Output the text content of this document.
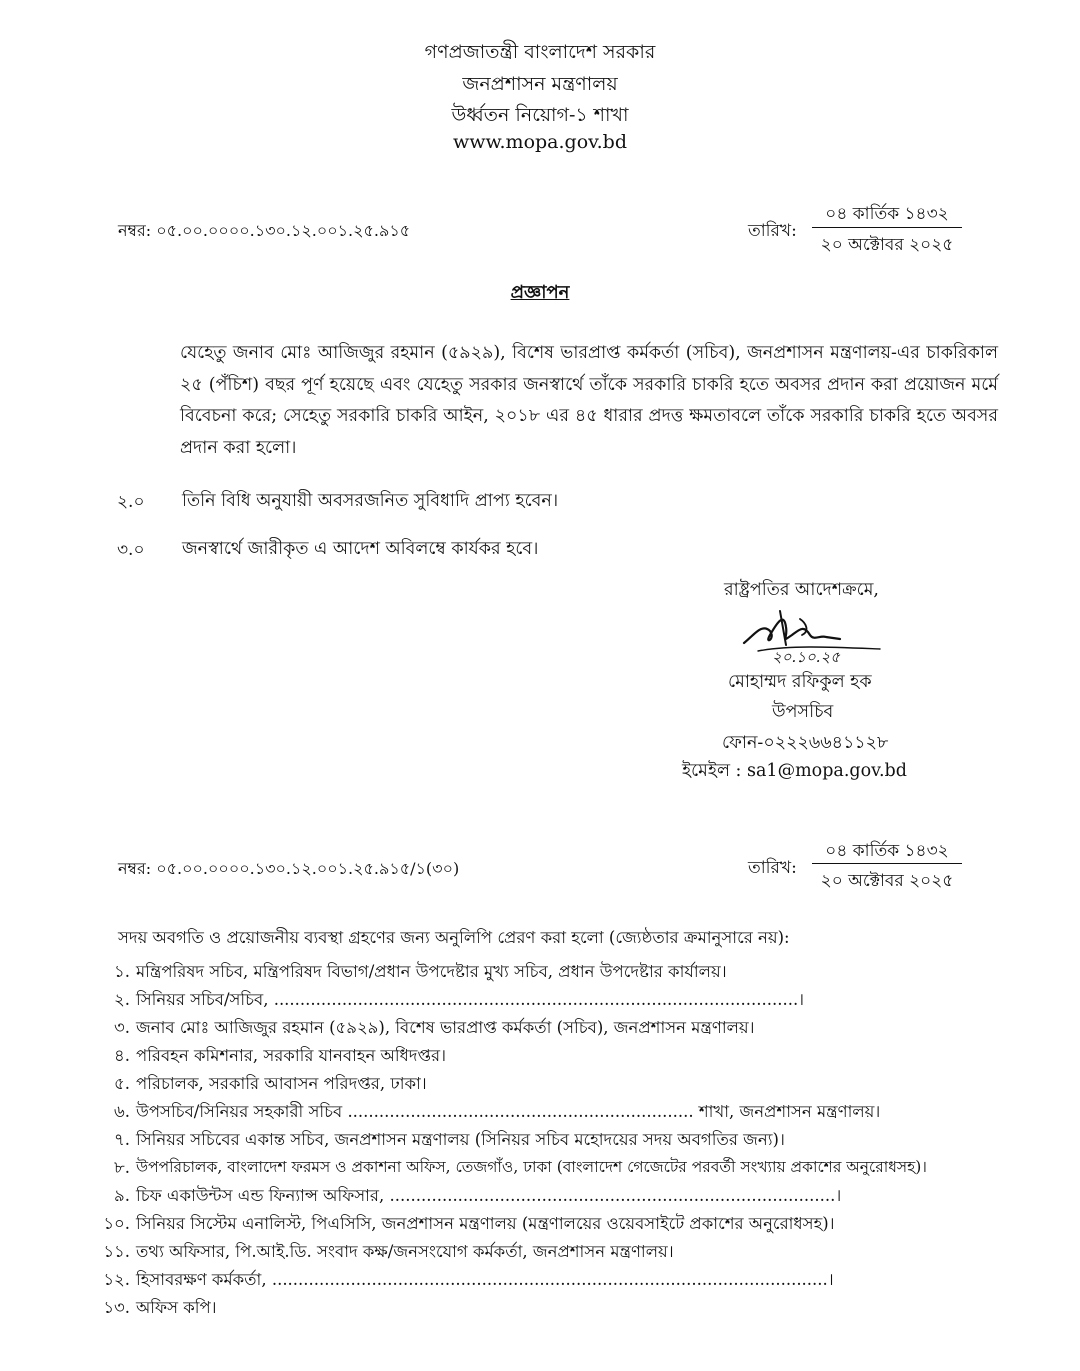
গণপ্রজাতন্ত্রী বাংলাদেশ সরকার
জনপ্রশাসন মন্ত্রণালয়
উর্ধ্বতন নিয়োগ-১ শাখা
www.mopa.gov.bd
নম্বর: ০৫.০০.০০০০.১৩০.১২.০০১.২৫.৯১৫	তারিখ:
০৪ কার্তিক ১৪৩২
২০ অক্টোবর ২০২৫
প্রজ্ঞাপন
যেহেতু জনাব মোঃ আজিজুর রহমান (৫৯২৯), বিশেষ ভারপ্রাপ্ত কর্মকর্তা (সচিব), জনপ্রশাসন মন্ত্রণালয়-এর চাকরিকাল ২৫ (পঁচিশ) বছর পূর্ণ হয়েছে এবং যেহেতু সরকার জনস্বার্থে তাঁকে সরকারি চাকরি হতে অবসর প্রদান করা প্রয়োজন মর্মে বিবেচনা করে; সেহেতু সরকারি চাকরি আইন, ২০১৮ এর ৪৫ ধারার প্রদত্ত ক্ষমতাবলে তাঁকে সরকারি চাকরি হতে অবসর প্রদান করা হলো।
২.০ তিনি বিধি অনুযায়ী অবসরজনিত সুবিধাদি প্রাপ্য হবেন।
৩.০ জনস্বার্থে জারীকৃত এ আদেশ অবিলম্বে কার্যকর হবে।
রাষ্ট্রপতির আদেশক্রমে,
২০.১০.২৫
মোহাম্মদ রফিকুল হক
উপসচিব
ফোন-০২২২৬৬৪১১২৮
ইমেইল : sa1@mopa.gov.bd
নম্বর: ০৫.০০.০০০০.১৩০.১২.০০১.২৫.৯১৫/১(৩০)	তারিখ:
০৪ কার্তিক ১৪৩২
২০ অক্টোবর ২০২৫
সদয় অবগতি ও প্রয়োজনীয় ব্যবস্থা গ্রহণের জন্য অনুলিপি প্রেরণ করা হলো (জ্যেষ্ঠতার ক্রমানুসারে নয়):
১. মন্ত্রিপরিষদ সচিব, মন্ত্রিপরিষদ বিভাগ/প্রধান উপদেষ্টার মুখ্য সচিব, প্রধান উপদেষ্টার কার্যালয়।
২. সিনিয়র সচিব/সচিব, ....................................................................................................।
৩. জনাব মোঃ আজিজুর রহমান (৫৯২৯), বিশেষ ভারপ্রাপ্ত কর্মকর্তা (সচিব), জনপ্রশাসন মন্ত্রণালয়।
৪. পরিবহন কমিশনার, সরকারি যানবাহন অধিদপ্তর।
৫. পরিচালক, সরকারি আবাসন পরিদপ্তর, ঢাকা।
৬. উপসচিব/সিনিয়র সহকারী সচিব .................................................................. শাখা, জনপ্রশাসন মন্ত্রণালয়।
৭. সিনিয়র সচিবের একান্ত সচিব, জনপ্রশাসন মন্ত্রণালয় (সিনিয়র সচিব মহোদয়ের সদয় অবগতির জন্য)।
৮. উপপরিচালক, বাংলাদেশ ফরমস ও প্রকাশনা অফিস, তেজগাঁও, ঢাকা (বাংলাদেশ গেজেটের পরবর্তী সংখ্যায় প্রকাশের অনুরোধসহ)।
৯. চিফ একাউন্টস এন্ড ফিন্যান্স অফিসার, .....................................................................................।
১০. সিনিয়র সিস্টেম এনালিস্ট, পিএসিসি, জনপ্রশাসন মন্ত্রণালয় (মন্ত্রণালয়ের ওয়েবসাইটে প্রকাশের অনুরোধসহ)।
১১. তথ্য অফিসার, পি.আই.ডি. সংবাদ কক্ষ/জনসংযোগ কর্মকর্তা, জনপ্রশাসন মন্ত্রণালয়।
১২. হিসাবরক্ষণ কর্মকর্তা, ..........................................................................................................।
১৩. অফিস কপি।
